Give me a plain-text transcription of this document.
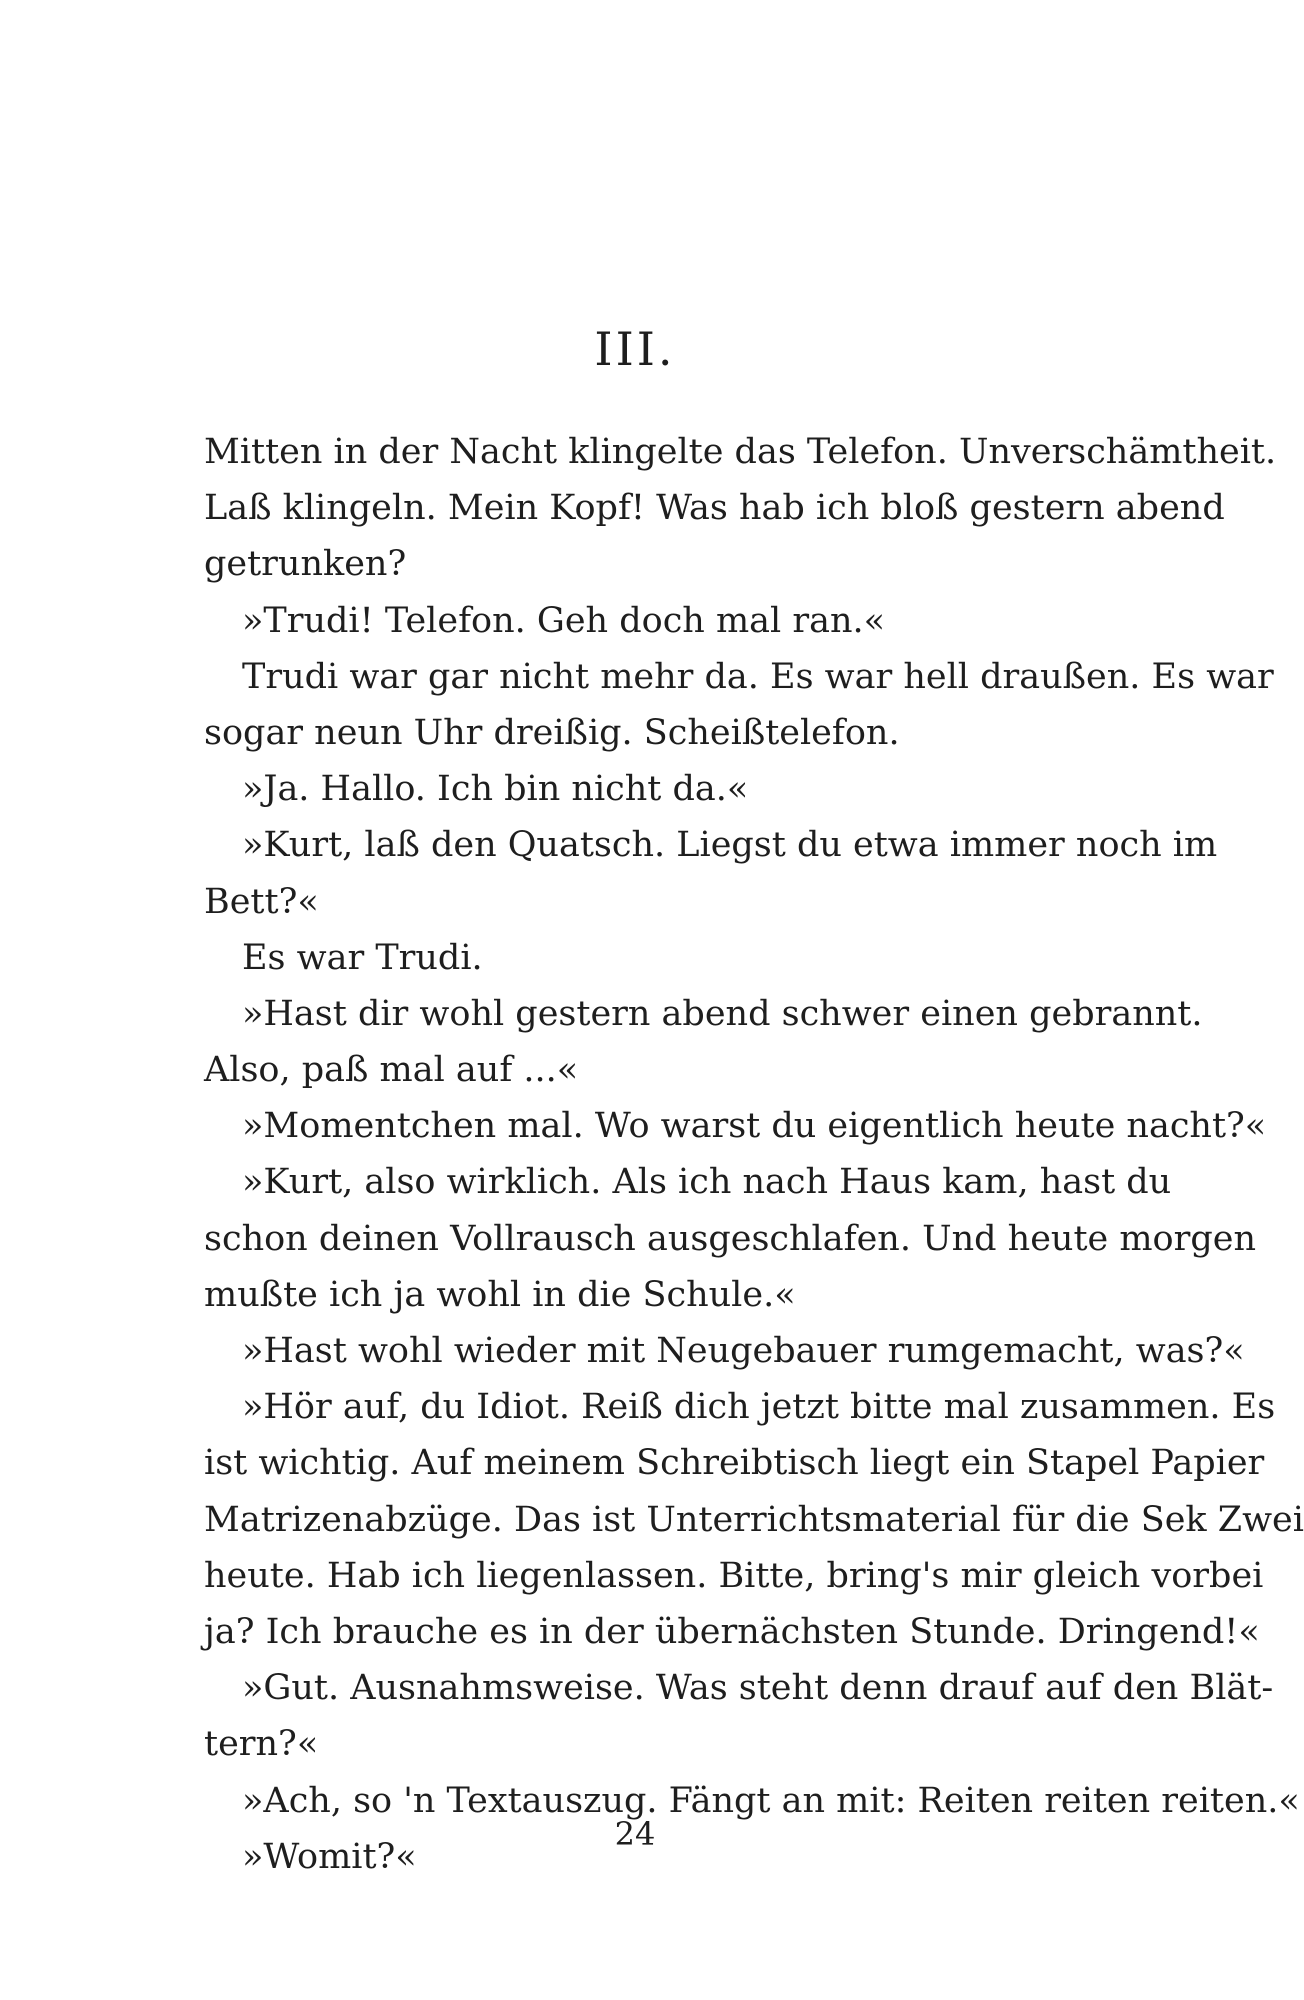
III.
Mitten in der Nacht klingelte das Telefon. Unverschämtheit.
Laß klingeln. Mein Kopf! Was hab ich bloß gestern abend
getrunken?
»Trudi! Telefon. Geh doch mal ran.«
Trudi war gar nicht mehr da. Es war hell draußen. Es war
sogar neun Uhr dreißig. Scheißtelefon.
»Ja. Hallo. Ich bin nicht da.«
»Kurt, laß den Quatsch. Liegst du etwa immer noch im
Bett?«
Es war Trudi.
»Hast dir wohl gestern abend schwer einen gebrannt.
Also, paß mal auf ...«
»Momentchen mal. Wo warst du eigentlich heute nacht?«
»Kurt, also wirklich. Als ich nach Haus kam, hast du
schon deinen Vollrausch ausgeschlafen. Und heute morgen
mußte ich ja wohl in die Schule.«
»Hast wohl wieder mit Neugebauer rumgemacht, was?«
»Hör auf, du Idiot. Reiß dich jetzt bitte mal zusammen. Es
ist wichtig. Auf meinem Schreibtisch liegt ein Stapel Papier
Matrizenabzüge. Das ist Unterrichtsmaterial für die Sek Zwei
heute. Hab ich liegenlassen. Bitte, bring's mir gleich vorbei
ja? Ich brauche es in der übernächsten Stunde. Dringend!«
»Gut. Ausnahmsweise. Was steht denn drauf auf den Blät-
tern?«
»Ach, so 'n Textauszug. Fängt an mit: Reiten reiten reiten.«
»Womit?«
24
